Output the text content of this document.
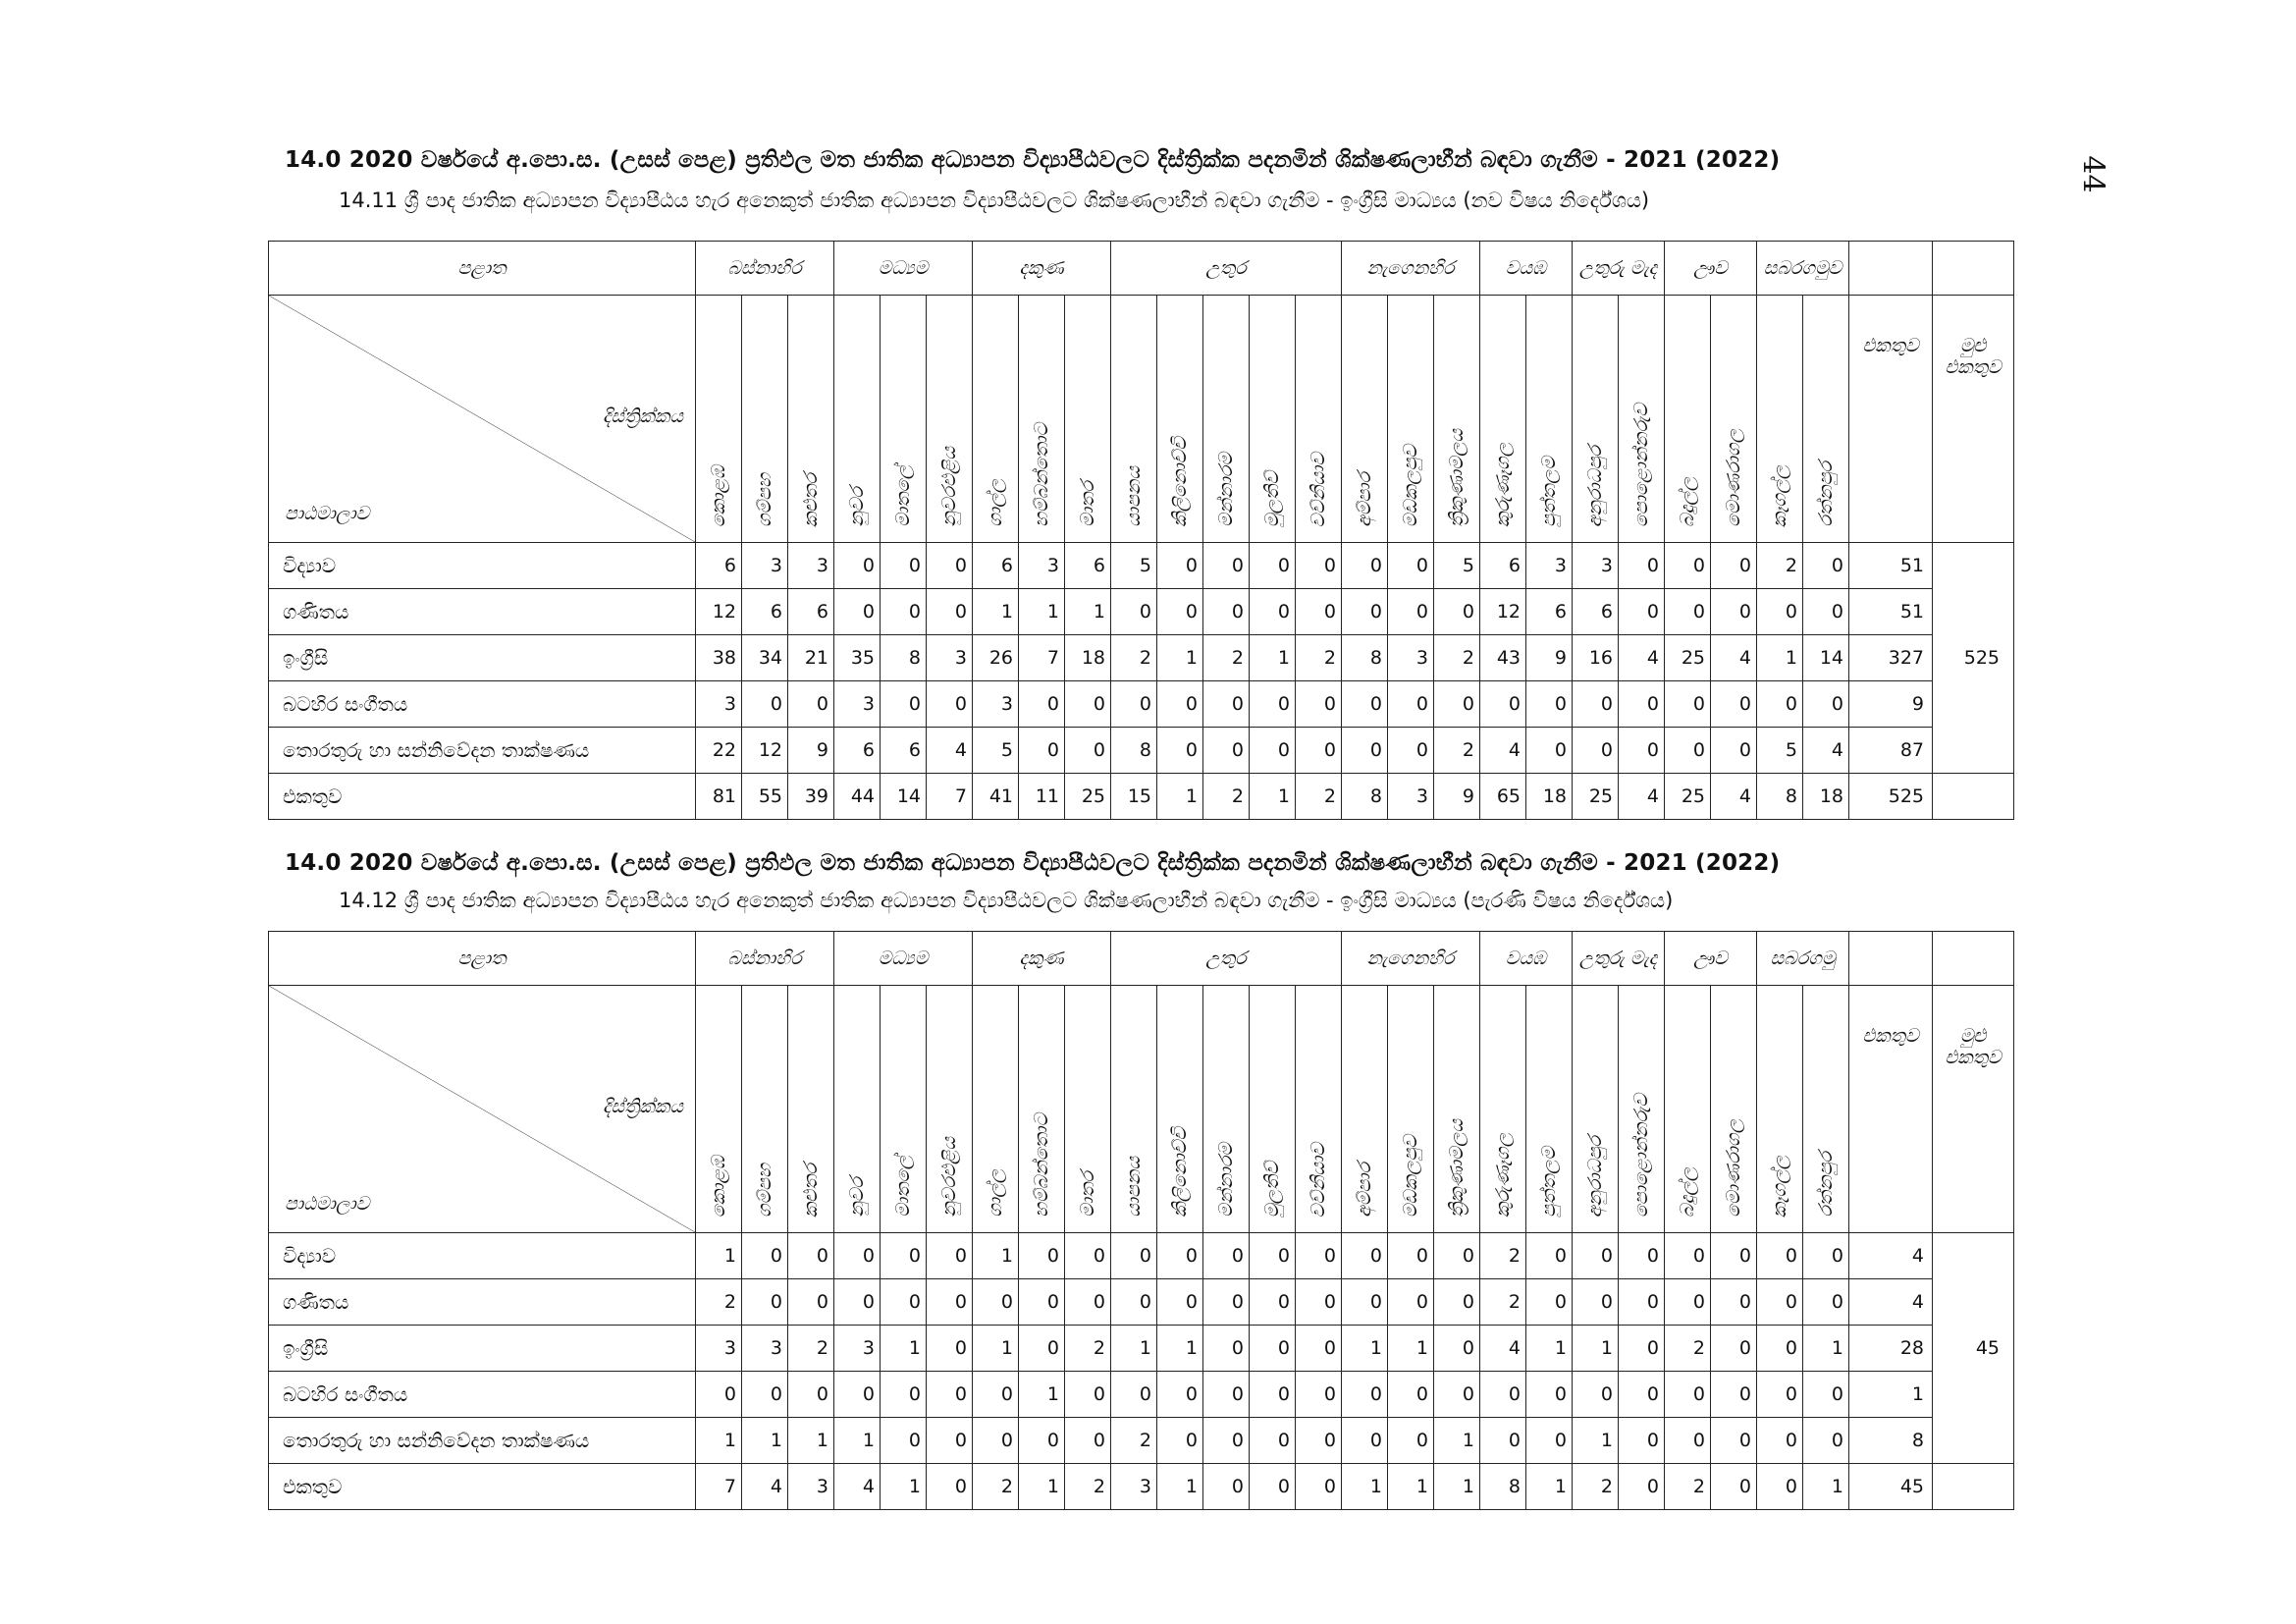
44
14.0 2020 වර්ෂයේ අ.පො.ස. (උසස් පෙළ) ප්‍රතිඵල මත ජාතික අධ්‍යාපන විද්‍යාපීඨවලට දිස්ත්‍රික්ක පදනමින් ශික්ෂණලාභීන් බඳවා ගැනීම - 2021 (2022)
14.11 ශ්‍රී පාද ජාතික අධ්‍යාපන විද්‍යාපීඨය හැර අනෙකුත් ජාතික අධ්‍යාපන විද්‍යාපීඨවලට ශික්ෂණලාභීන් බඳවා ගැනීම - ඉංග්‍රීසි මාධ්‍යය (නව විෂය නිර්දේශය)
පළාත	බස්නාහිර			මධ්‍යම			දකුණ			උතුර					නැගෙනහිර			වයඹ		උතුරු මැද		ඌව		සබරගමුව			

දිස්ත්‍රික්කය
පාඨමාලාව	කොළඹ	ගම්පහ	කළුතර	නුවර	මාතලේ	නුවරඑළිය	ගාල්ල	හම්බන්තොට	මාතර	යාපනය	කිලිනොච්චි	මන්නාරම	මුලතිව්	වව්නියාව	අම්පාර	මඩකලපුව	ත්‍රිකුණාමලය	කුරුණෑගල	පුත්තලම	අනුරාධපුර	පොළොන්නරුව	බදුල්ල	මොණරාගල	කෑගල්ල	රත්නපුර	එකතුව	මුළු එකතුව
විද්‍යාව	6	3	3	0	0	0	6	3	6	5	0	0	0	0	0	0	5	6	3	3	0	0	0	2	0	51	525
ගණිතය	12	6	6	0	0	0	1	1	1	0	0	0	0	0	0	0	0	12	6	6	0	0	0	0	0	51	
ඉංග්‍රීසි	38	34	21	35	8	3	26	7	18	2	1	2	1	2	8	3	2	43	9	16	4	25	4	1	14	327	
බටහිර සංගීතය	3	0	0	3	0	0	3	0	0	0	0	0	0	0	0	0	0	0	0	0	0	0	0	0	0	9	
තොරතුරු හා සන්නිවේදන තාක්ෂණය	22	12	9	6	6	4	5	0	0	8	0	0	0	0	0	0	2	4	0	0	0	0	0	5	4	87	
එකතුව	81	55	39	44	14	7	41	11	25	15	1	2	1	2	8	3	9	65	18	25	4	25	4	8	18	525	
14.0 2020 වර්ෂයේ අ.පො.ස. (උසස් පෙළ) ප්‍රතිඵල මත ජාතික අධ්‍යාපන විද්‍යාපීඨවලට දිස්ත්‍රික්ක පදනමින් ශික්ෂණලාභීන් බඳවා ගැනීම - 2021 (2022)
14.12 ශ්‍රී පාද ජාතික අධ්‍යාපන විද්‍යාපීඨය හැර අනෙකුත් ජාතික අධ්‍යාපන විද්‍යාපීඨවලට ශික්ෂණලාභීන් බඳවා ගැනීම - ඉංග්‍රීසි මාධ්‍යය (පැරණි විෂය නිර්දේශය)
පළාත	බස්නාහිර			මධ්‍යම			දකුණ			උතුර					නැගෙනහිර			වයඹ		උතුරු මැද		ඌව		සබරගමු			

දිස්ත්‍රික්කය
පාඨමාලාව	කොළඹ	ගම්පහ	කළුතර	නුවර	මාතලේ	නුවරඑළිය	ගාල්ල	හම්බන්තොට	මාතර	යාපනය	කිලිනොච්චි	මන්නාරම	මුලතිව්	වව්නියාව	අම්පාර	මඩකලපුව	ත්‍රිකුණාමලය	කුරුණෑගල	පුත්තලම	අනුරාධපුර	පොළොන්නරුව	බදුල්ල	මොණරාගල	කෑගල්ල	රත්නපුර	එකතුව	මුළු එකතුව
විද්‍යාව	1	0	0	0	0	0	1	0	0	0	0	0	0	0	0	0	0	2	0	0	0	0	0	0	0	4	45
ගණිතය	2	0	0	0	0	0	0	0	0	0	0	0	0	0	0	0	0	2	0	0	0	0	0	0	0	4	
ඉංග්‍රීසි	3	3	2	3	1	0	1	0	2	1	1	0	0	0	1	1	0	4	1	1	0	2	0	0	1	28	
බටහිර සංගීතය	0	0	0	0	0	0	0	1	0	0	0	0	0	0	0	0	0	0	0	0	0	0	0	0	0	1	
තොරතුරු හා සන්නිවේදන තාක්ෂණය	1	1	1	1	0	0	0	0	0	2	0	0	0	0	0	0	1	0	0	1	0	0	0	0	0	8	
එකතුව	7	4	3	4	1	0	2	1	2	3	1	0	0	0	1	1	1	8	1	2	0	2	0	0	1	45	
